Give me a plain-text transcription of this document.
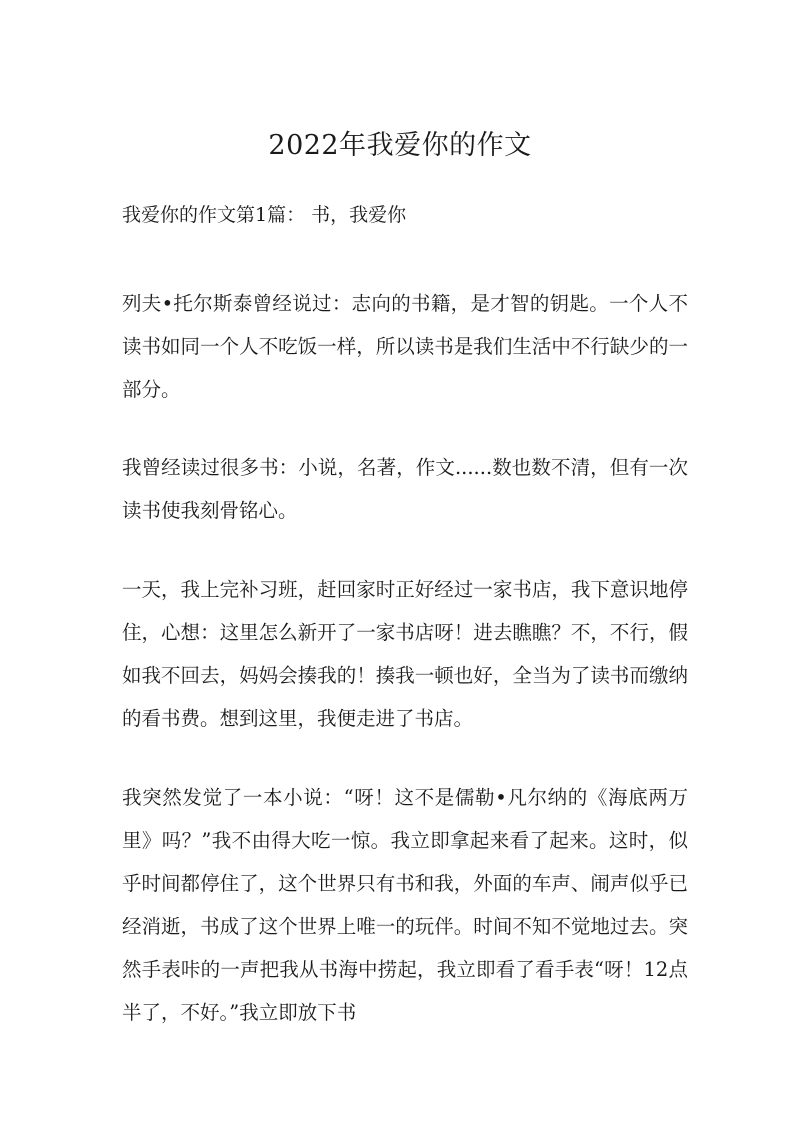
2022年我爱你的作文
我爱你的作文第1篇： 书，我爱你

列夫•托尔斯泰曾经说过：志向的书籍，是才智的钥匙。一个人不读书如同一个人不吃饭一样，所以读书是我们生活中不行缺少的一部分。

我曾经读过很多书：小说，名著，作文......数也数不清，但有一次读书使我刻骨铭心。

一天，我上完补习班，赶回家时正好经过一家书店，我下意识地停住，心想：这里怎么新开了一家书店呀！进去瞧瞧？不，不行，假如我不回去，妈妈会揍我的！揍我一顿也好，全当为了读书而缴纳的看书费。想到这里，我便走进了书店。

我突然发觉了一本小说：“呀！这不是儒勒•凡尔纳的《海底两万里》吗？”我不由得大吃一惊。我立即拿起来看了起来。这时，似乎时间都停住了，这个世界只有书和我，外面的车声、闹声似乎已经消逝，书成了这个世界上唯一的玩伴。时间不知不觉地过去。突然手表咔的一声把我从书海中捞起，我立即看了看手表“呀！12点半了，不好。”我立即放下书
